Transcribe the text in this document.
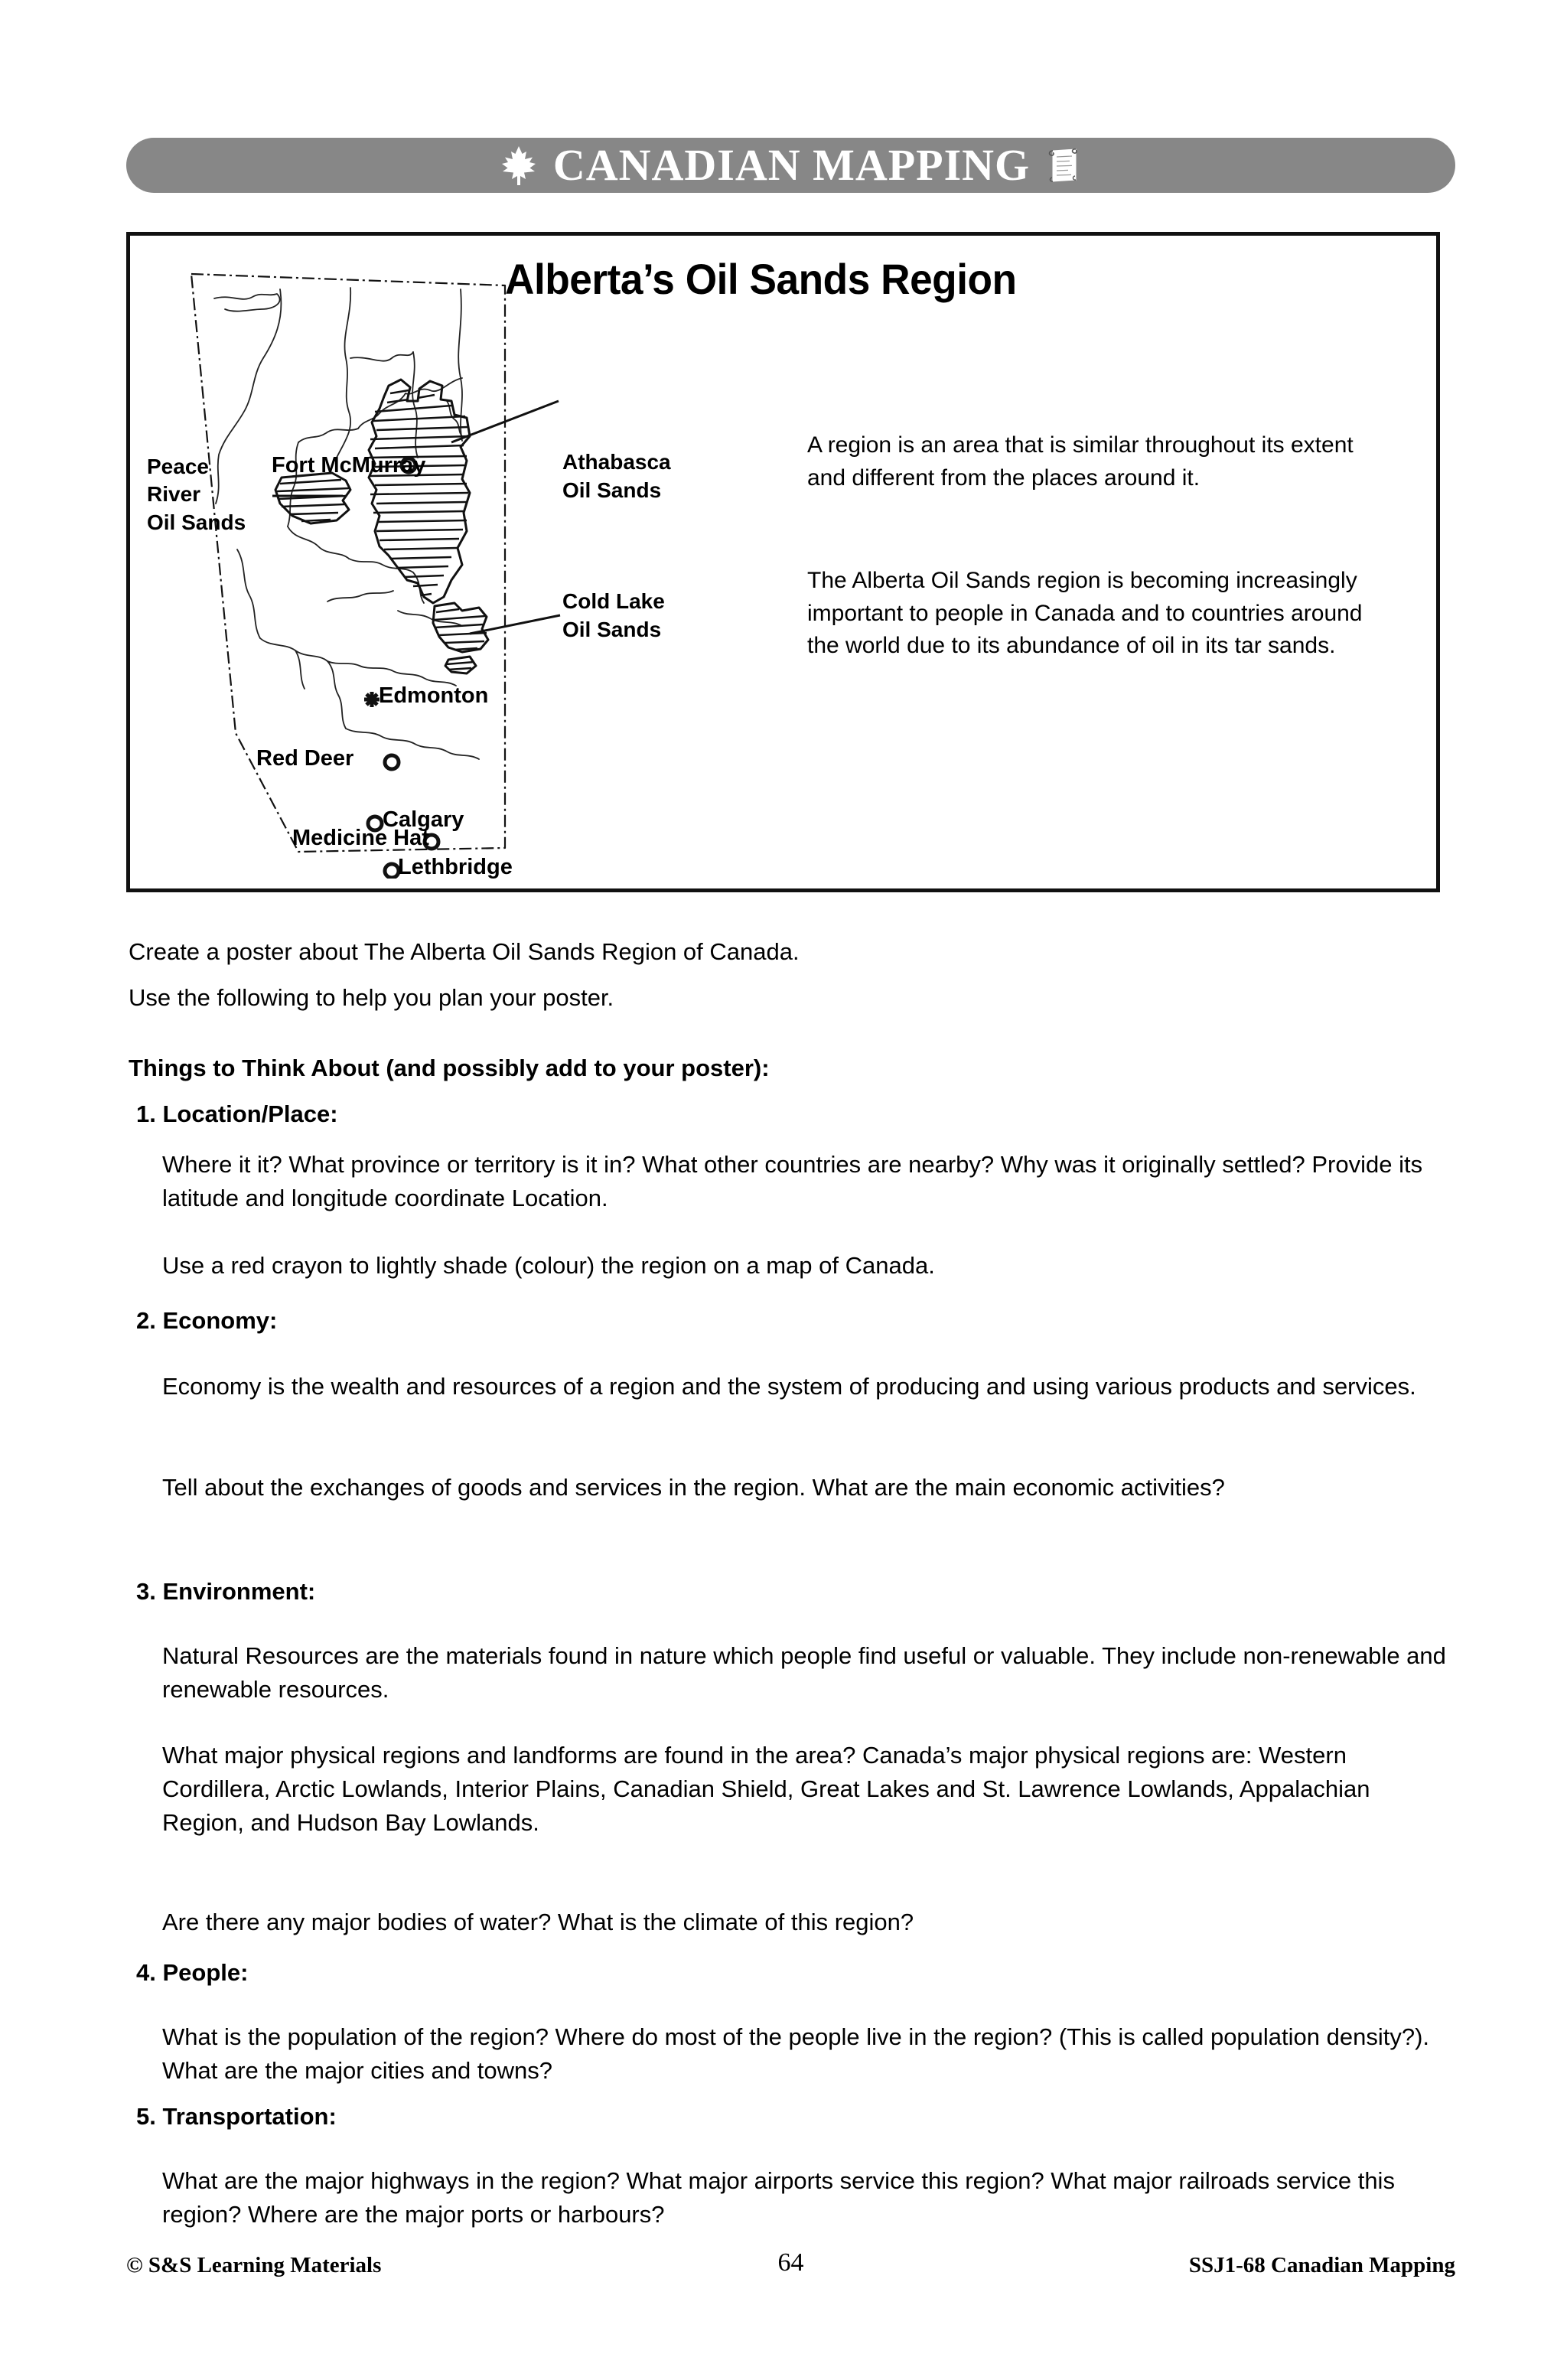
CANADIAN MAPPING
Alberta’s Oil Sands Region
Peace
River
Oil Sands
Fort McMurray	Athabasca
Oil Sands
Cold Lake
Oil Sands
Edmonton
Red Deer
Calgary
Medicine Hat
Lethbridge
A region is an area that is similar throughout its extent and different from the places around it.
The Alberta Oil Sands region is becoming increasingly important to people in Canada and to countries around the world due to its abundance of oil in its tar sands.
Create a poster about The Alberta Oil Sands Region of Canada.
Use the following to help you plan your poster.
Things to Think About (and possibly add to your poster):
1. Location/Place:
Where it it? What province or territory is it in? What other countries are nearby? Why was it originally settled? Provide its latitude and longitude coordinate Location.
Use a red crayon to lightly shade (colour) the region on a map of Canada.
2. Economy:
Economy is the wealth and resources of a region and the system of producing and using various products and services.
Tell about the exchanges of goods and services in the region. What are the main economic activities?
3. Environment:
Natural Resources are the materials found in nature which people find useful or valuable. They include non-renewable and renewable resources.
What major physical regions and landforms are found in the area? Canada’s major physical regions are: Western Cordillera, Arctic Lowlands, Interior Plains, Canadian Shield, Great Lakes and St. Lawrence Lowlands, Appalachian Region, and Hudson Bay Lowlands.
Are there any major bodies of water? What is the climate of this region?
4. People:
What is the population of the region? Where do most of the people live in the region? (This is called population density?). What are the major cities and towns?
5. Transportation:
What are the major highways in the region? What major airports service this region? What major railroads service this region? Where are the major ports or harbours?
© S&S Learning Materials	64	SSJ1-68 Canadian Mapping
